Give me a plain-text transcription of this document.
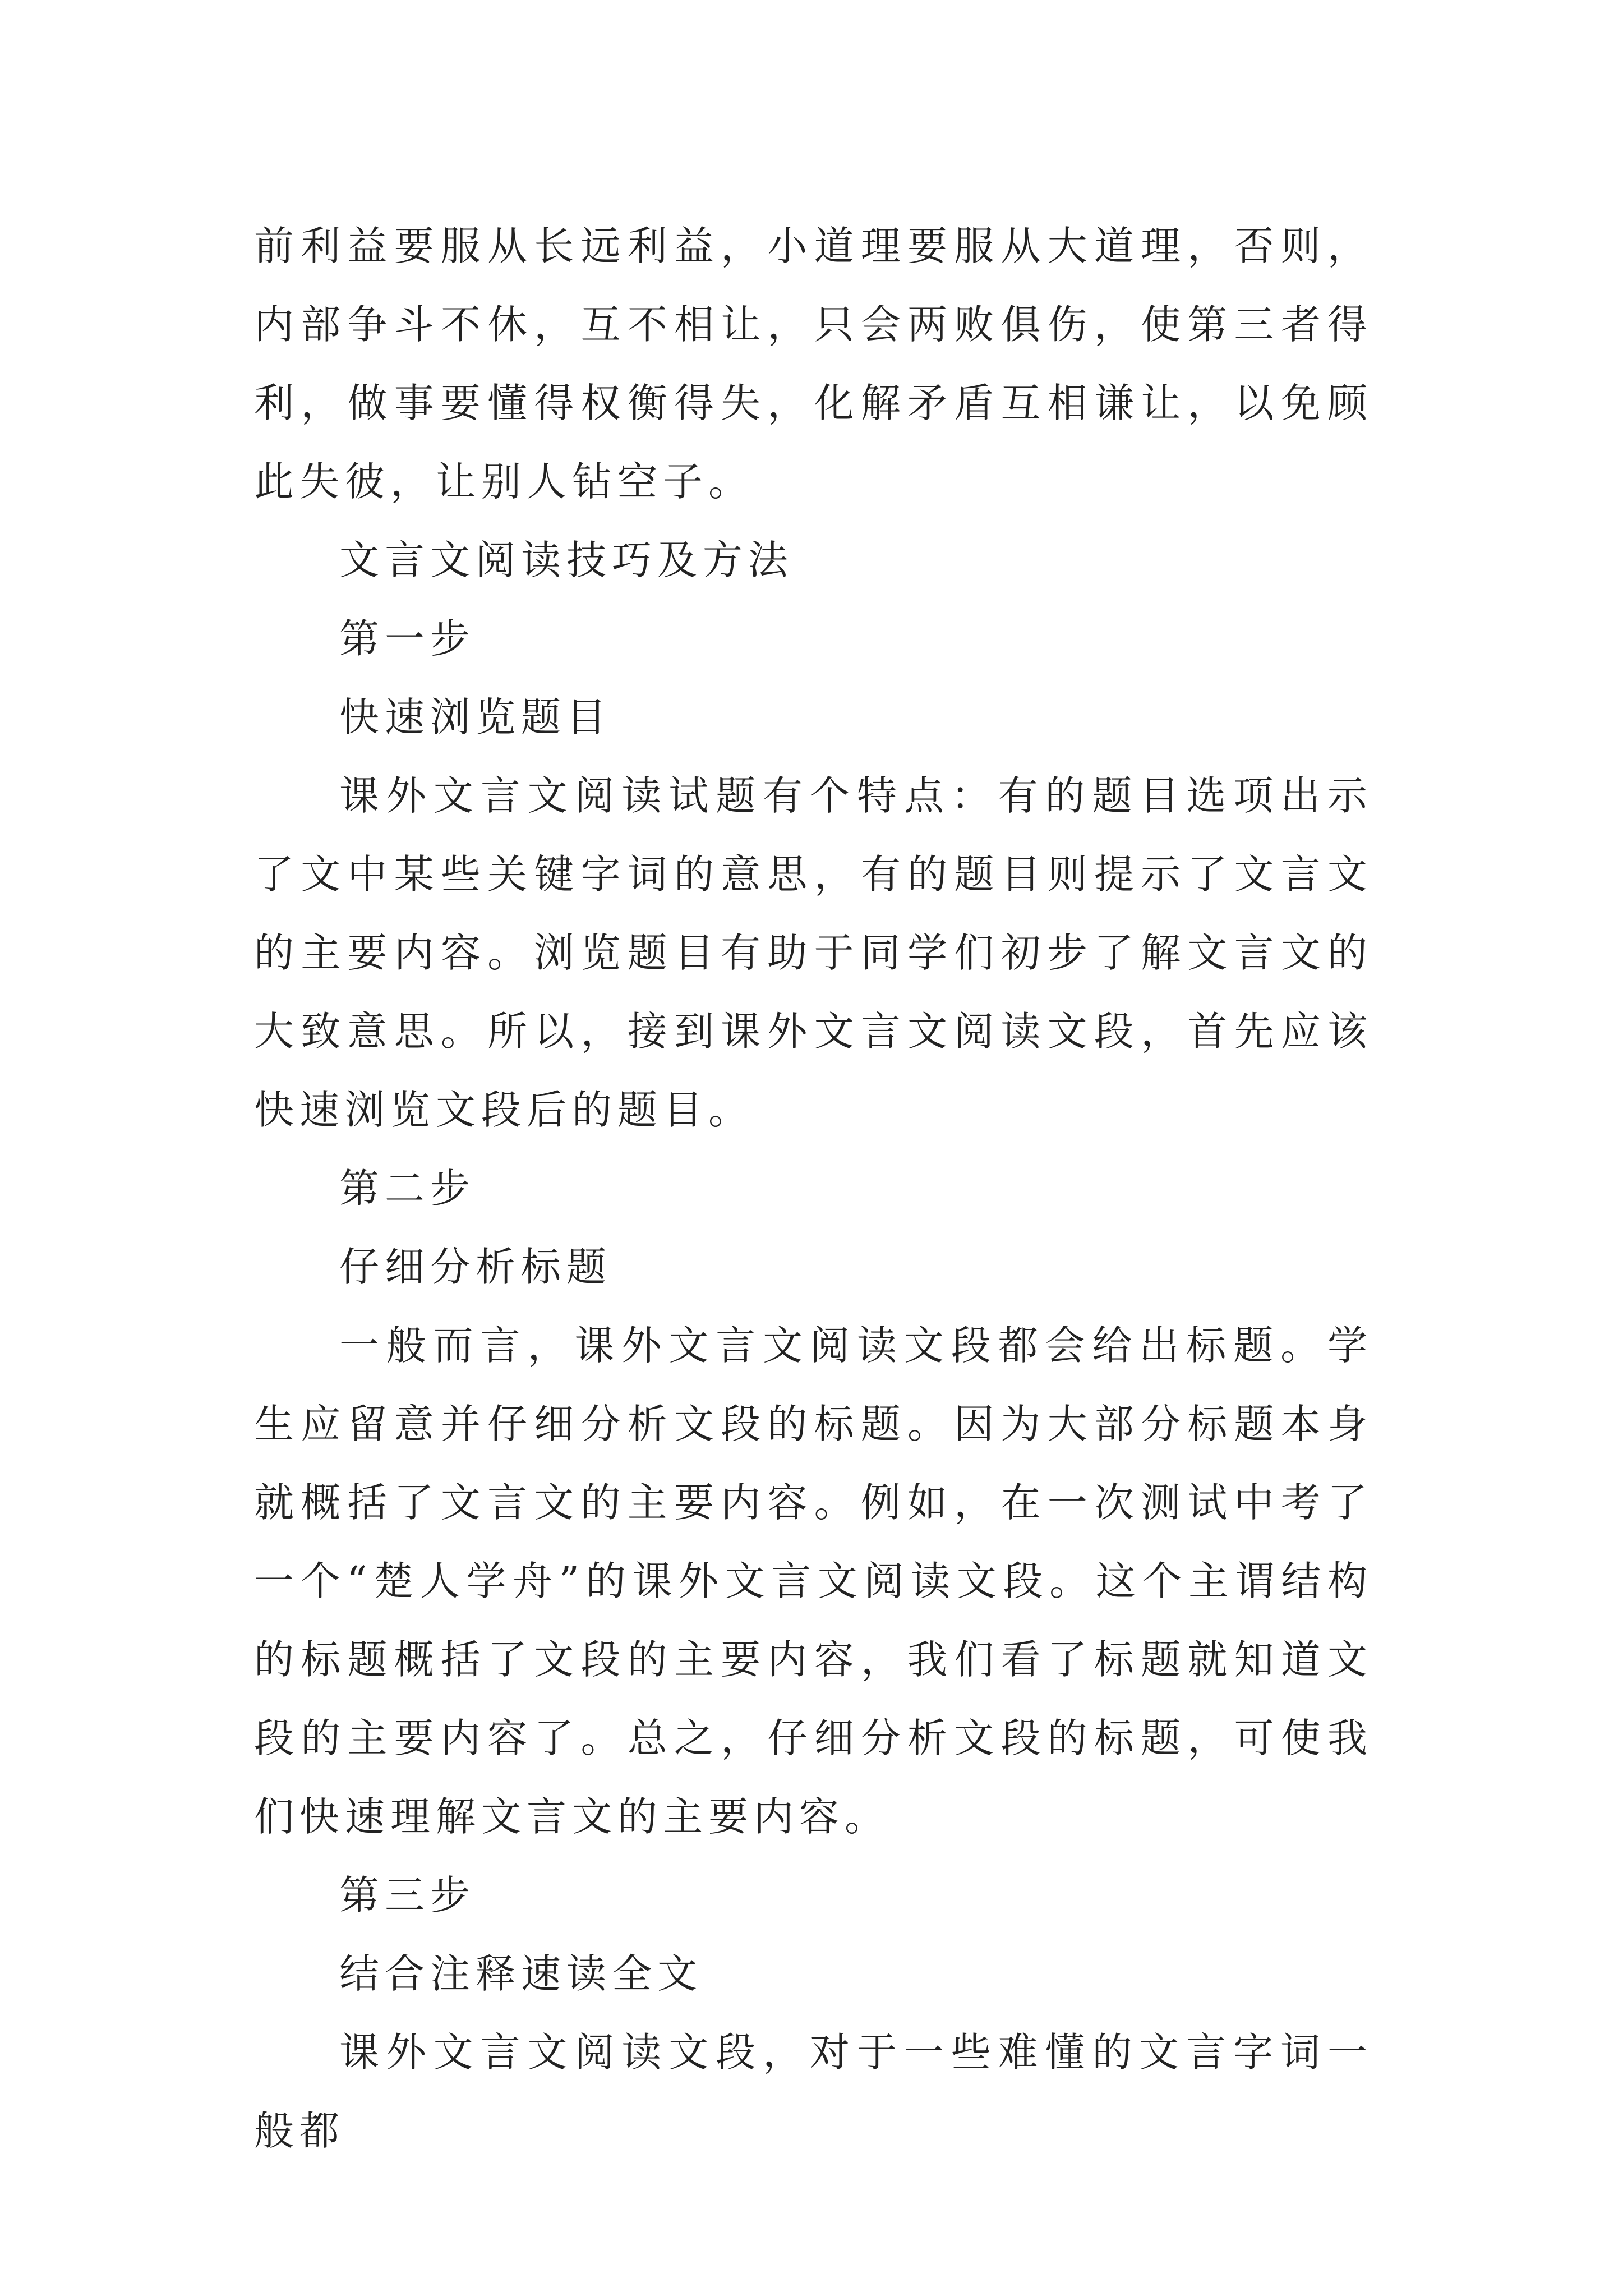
前利益要服从长远利益，小道理要服从大道理，否则，内部争斗不休，互不相让，只会两败俱伤，使第三者得利，做事要懂得权衡得失，化解矛盾互相谦让，以免顾此失彼，让别人钻空子。

文言文阅读技巧及方法

第一步

快速浏览题目

课外文言文阅读试题有个特点：有的题目选项出示了文中某些关键字词的意思，有的题目则提示了文言文的主要内容。浏览题目有助于同学们初步了解文言文的大致意思。所以，接到课外文言文阅读文段，首先应该快速浏览文段后的题目。

第二步

仔细分析标题

一般而言，课外文言文阅读文段都会给出标题。学生应留意并仔细分析文段的标题。因为大部分标题本身就概括了文言文的主要内容。例如，在一次测试中考了一个“楚人学舟”的课外文言文阅读文段。这个主谓结构的标题概括了文段的主要内容，我们看了标题就知道文段的主要内容了。总之，仔细分析文段的标题，可使我们快速理解文言文的主要内容。

第三步

结合注释速读全文

课外文言文阅读文段，对于一些难懂的文言字词一般都
